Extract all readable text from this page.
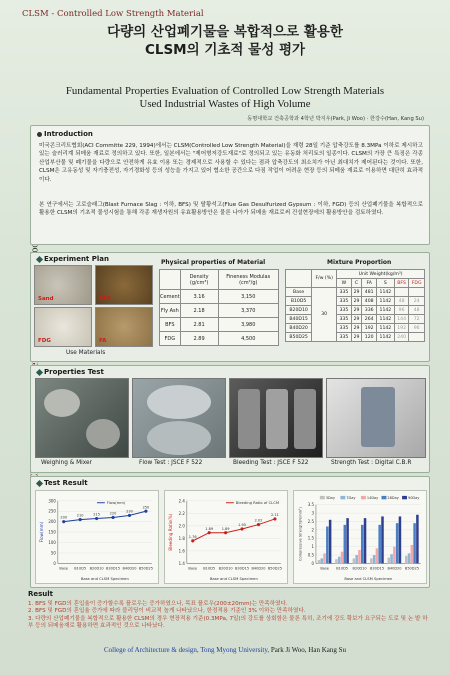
CLSM - Controlled Low Strength Material
다량의 산업폐기물을 복합적으로 활용한
CLSM의 기초적 물성 평가
Fundamental Properties Evaluation of Controlled Low Strength Materials
Used Industrial Wastes of High Volume
동명대학교 건축공학과 4학년 박지우(Park, Ji Woo) · 한강수(Han, Kang Su)
Introduction

미국콘크리트협회(ACI Committe 229, 1994)에서는 CLSM(Controlled Low Strength Material)을 재령 28일 기준 압축강도를 8.3MPa 이하로 제시하고 있는 슬러리계 되메움 재료로 정의하고 있다. 또한, 일본에서는 "제어형저강도재료"로 정의되고 있는 유동화 처리토의 일종이다. CLSM의 가장 큰 특징은 각종 산업부산물 및 폐기물을 다량으로 안전하게 유효 이용 또는 경제적으로 사용할 수 있다는 점과 압축강도의 최소치가 아닌 최대치가 제어된다는 것이다. 또한, CLSM은 고유동성 및 자기충전성, 자기경화성 등의 성능을 가지고 있어 협소한 공간으로 다짐 작업이 어려운 현장 등의 되메움 재료로 이용하면 대단히 효과적이다.

본 연구에서는 고로슬래그(Blast Furnace Slag : 이하, BFS) 및 탈황석고(Flue Gas Desulfurized Gypsum : 이하, FGD) 등의 산업폐기물을 복합적으로 활용한 CLSM의 기초적 물성시험을 통해 각종 재생자원의 유효활용방안은 물론 나아가 되메움 재료로써 건설현장에의 활용방안을 검토하였다.

Experiment Plan
Sand	BFS
FDG	FA
Use Materials
Physical properties of Material
	Density (g/cm³)	Fineness Modulas (cm²/g)
Cement	3.16	3,150
Fly Ash	2.18	3,370
BFS	2.81	3,980
FDG	2.89	4,500
Mixture Proportion
	F/w (%)	Unit Weight(kg/m³)					
		W	C	FA	S	BFS	FDG
Base	30	335	29	481	1142		
B10D5		335	29	408	1142	48	24
B20D10		335	29	336	1142	96	48
B40D15		335	29	264	1142	144	72
B40D20		335	29	192	1142	192	96
B50D25		335	29	120	1142	240	
Properties Test
Weighing & Mixer	Flow Test : JSCE F 522	Bleeding Test : JSCE F 522	Strength Test : Digital C.B.R
Test Result
0
50
100
150
200
250
300
Base B10D5 B20D10 B30D15 B40D20 B50D25
Base and CLSM Specimen
Flow(mm)
200
210	215	220
230
250
Flow(mm)
1.4
1.6
1.8
2.0
2.2
2.4
Base B10D5 B20D10 B30D15 B40D20 B50D25
Base and CLSM Specimen
Bleeding Ratio(%)	1.76
1.89 1.89
1.95
2.02
2.11
Bleeding Ratio of CLCM
0
0.5
1
1.5
2
2.5
3
3.5
Base B10D5 B20D10 B30D15 B40D20 B50D25
Base and CLSM Specimen
Compressive Strength(N/mm²)
3Day	7Day	14Day	28Day	90Day
Result
1. BFS 및 FGD의 혼입율이 증가할수록 플로우는 증가하였으나, 목표 플로우(200±20mm)는 만족하였다.
2. BFS 및 FGD의 혼입율 증가에 따라 블리딩이 비교적 높게 나타났으나, 한정적용 기준인 3% 이하는 만족하였다.
3. 다량의 산업폐기물을 복합적으로 활용한 CLSM의 경우 현장적용 기준(0.3MPa, 7일)의 강도를 상회함은 물론 특히, 조기에 강도 확보가 요구되는 도로 및 논 밭 하부 등의 되메움재로 활용하면 효과적인 것으로 나타났다.
College of Architecture & design, Tong Myong University, Park Ji Woo, Han Kang Su
